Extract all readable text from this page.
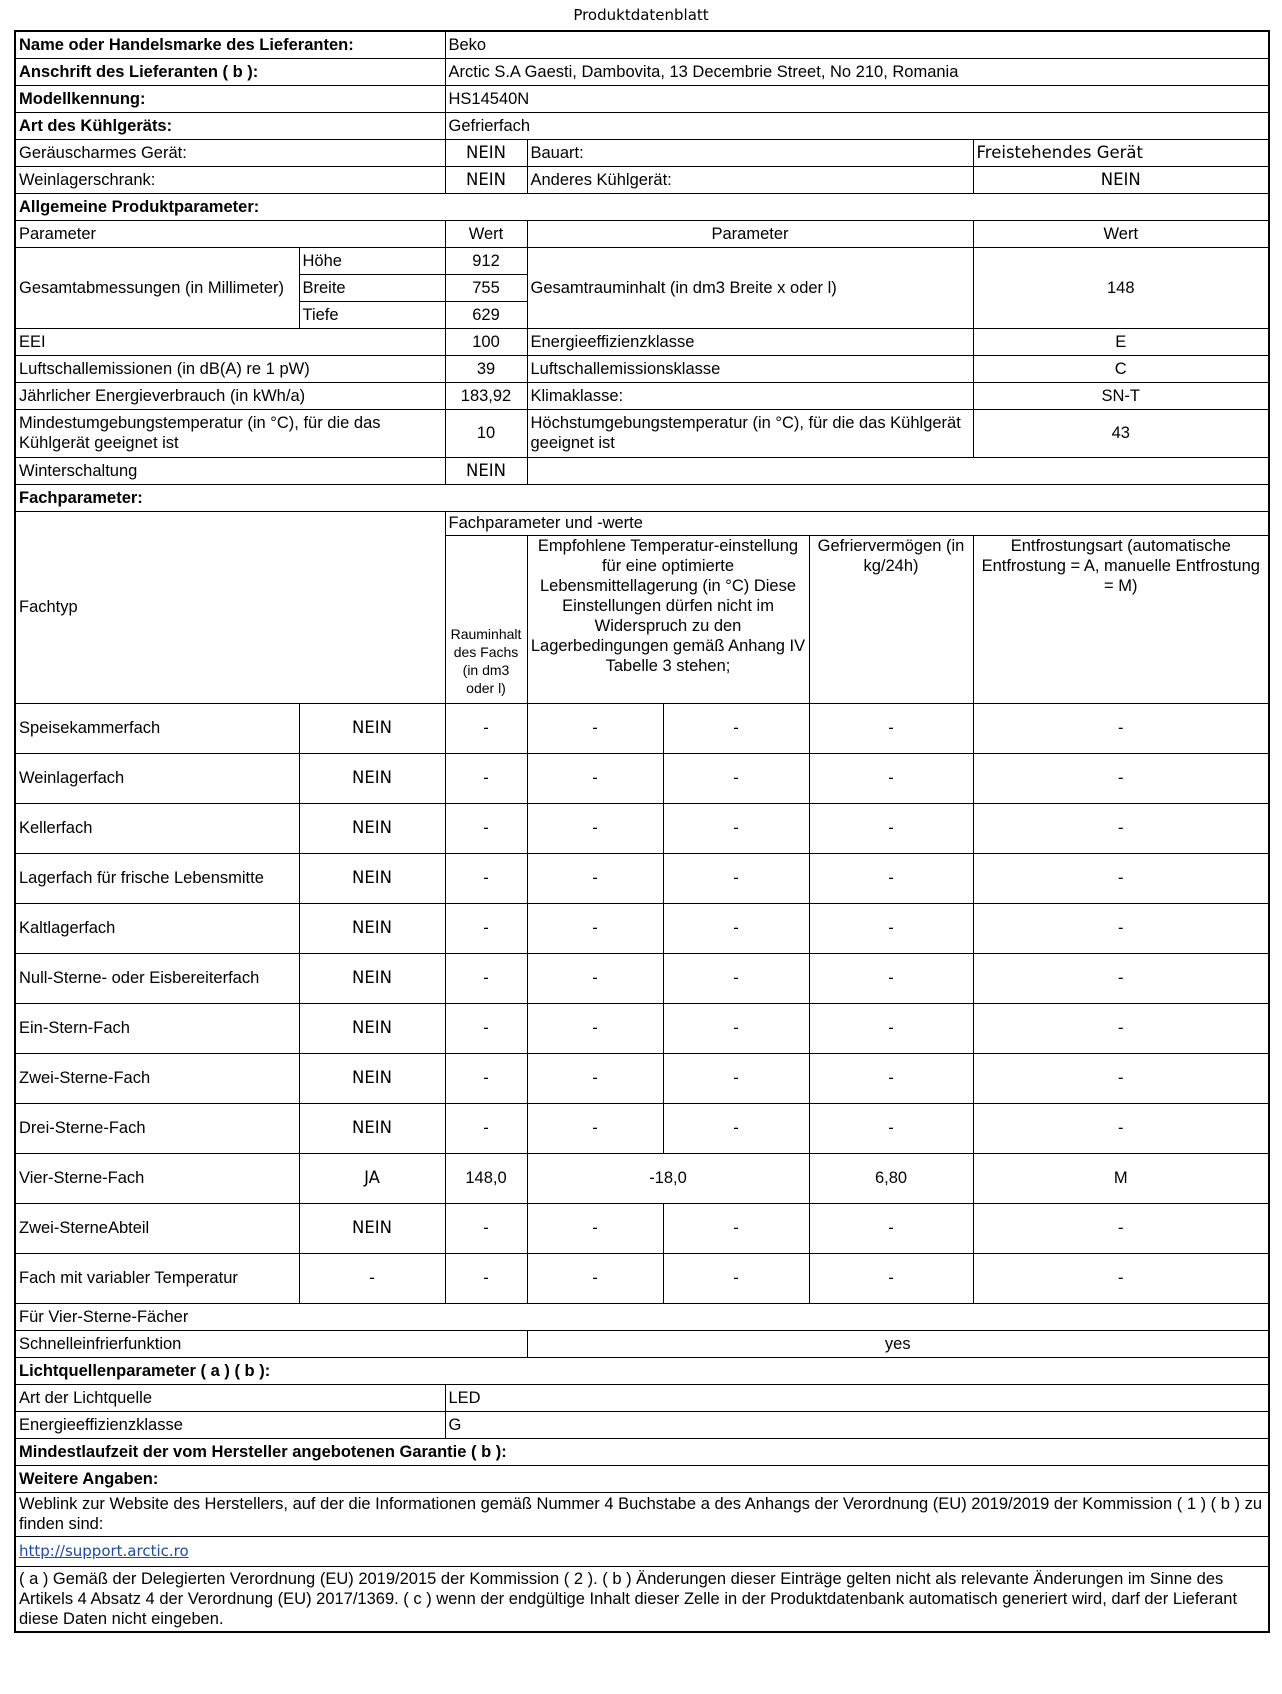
Produktdatenblatt
Name oder Handelsmarke des Lieferanten:		Beko				
Anschrift des Lieferanten ( b ):		Arctic S.A Gaesti, Dambovita, 13 Decembrie Street, No 210, Romania				
Modellkennung:		HS14540N				
Art des Kühlgeräts:		Gefrierfach				
Geräuscharmes Gerät:		NEIN	Bauart:			Freistehendes Gerät
Weinlagerschrank:		NEIN	Anderes Kühlgerät:			NEIN
Allgemeine Produktparameter:						
Parameter		Wert	Parameter			Wert
Gesamtabmessungen (in Millimeter)	Höhe	912	Gesamtrauminhalt (in dm3 Breite x oder l)			148
	Breite	755				
	Tiefe	629				
EEI		100	Energieeffizienzklasse			E
Luftschallemissionen (in dB(A) re 1 pW)		39	Luftschallemissionsklasse			C
Jährlicher Energieverbrauch (in kWh/a)		183,92	Klimaklasse:			SN-T
Mindestumgebungstemperatur (in °C), für die das Kühlgerät geeignet ist		10	Höchstumgebungstemperatur (in °C), für die das Kühlgerät geeignet ist			43
Winterschaltung		NEIN				
Fachparameter:						
Fachtyp		Fachparameter und -werte				
		Rauminhalt des Fachs (in dm3 oder l)	Empfohlene Temperatur-einstellung für eine optimierte Lebensmittellagerung (in °C) Diese Einstellungen dürfen nicht im Widerspruch zu den Lagerbedingungen gemäß Anhang IV Tabelle 3 stehen;		Gefriervermögen (in kg/24h)	Entfrostungsart (automatische Entfrostung = A, manuelle Entfrostung = M)
Speisekammerfach	NEIN	-	-	-	-	-
Weinlagerfach	NEIN	-	-	-	-	-
Kellerfach	NEIN	-	-	-	-	-
Lagerfach für frische Lebensmitte	NEIN	-	-	-	-	-
Kaltlagerfach	NEIN	-	-	-	-	-
Null-Sterne- oder Eisbereiterfach	NEIN	-	-	-	-	-
Ein-Stern-Fach	NEIN	-	-	-	-	-
Zwei-Sterne-Fach	NEIN	-	-	-	-	-
Drei-Sterne-Fach	NEIN	-	-	-	-	-
Vier-Sterne-Fach	JA	148,0	-18,0		6,80	M
Zwei-SterneAbteil	NEIN	-	-	-	-	-
Fach mit variabler Temperatur	-	-	-	-	-	-
Für Vier-Sterne-Fächer						
Schnelleinfrierfunktion			yes			
Lichtquellenparameter ( a ) ( b ):						
Art der Lichtquelle		LED				
Energieeffizienzklasse		G				
Mindestlaufzeit der vom Hersteller angebotenen Garantie ( b ):						
Weitere Angaben:						
Weblink zur Website des Herstellers, auf der die Informationen gemäß Nummer 4 Buchstabe a des Anhangs der Verordnung (EU) 2019/2019 der Kommission ( 1 ) ( b ) zu finden sind:						
http://support.arctic.ro						
( a ) Gemäß der Delegierten Verordnung (EU) 2019/2015 der Kommission ( 2 ). ( b ) Änderungen dieser Einträge gelten nicht als relevante Änderungen im Sinne des Artikels 4 Absatz 4 der Verordnung (EU) 2017/1369. ( c ) wenn der endgültige Inhalt dieser Zelle in der Produktdatenbank automatisch generiert wird, darf der Lieferant diese Daten nicht eingeben.						
